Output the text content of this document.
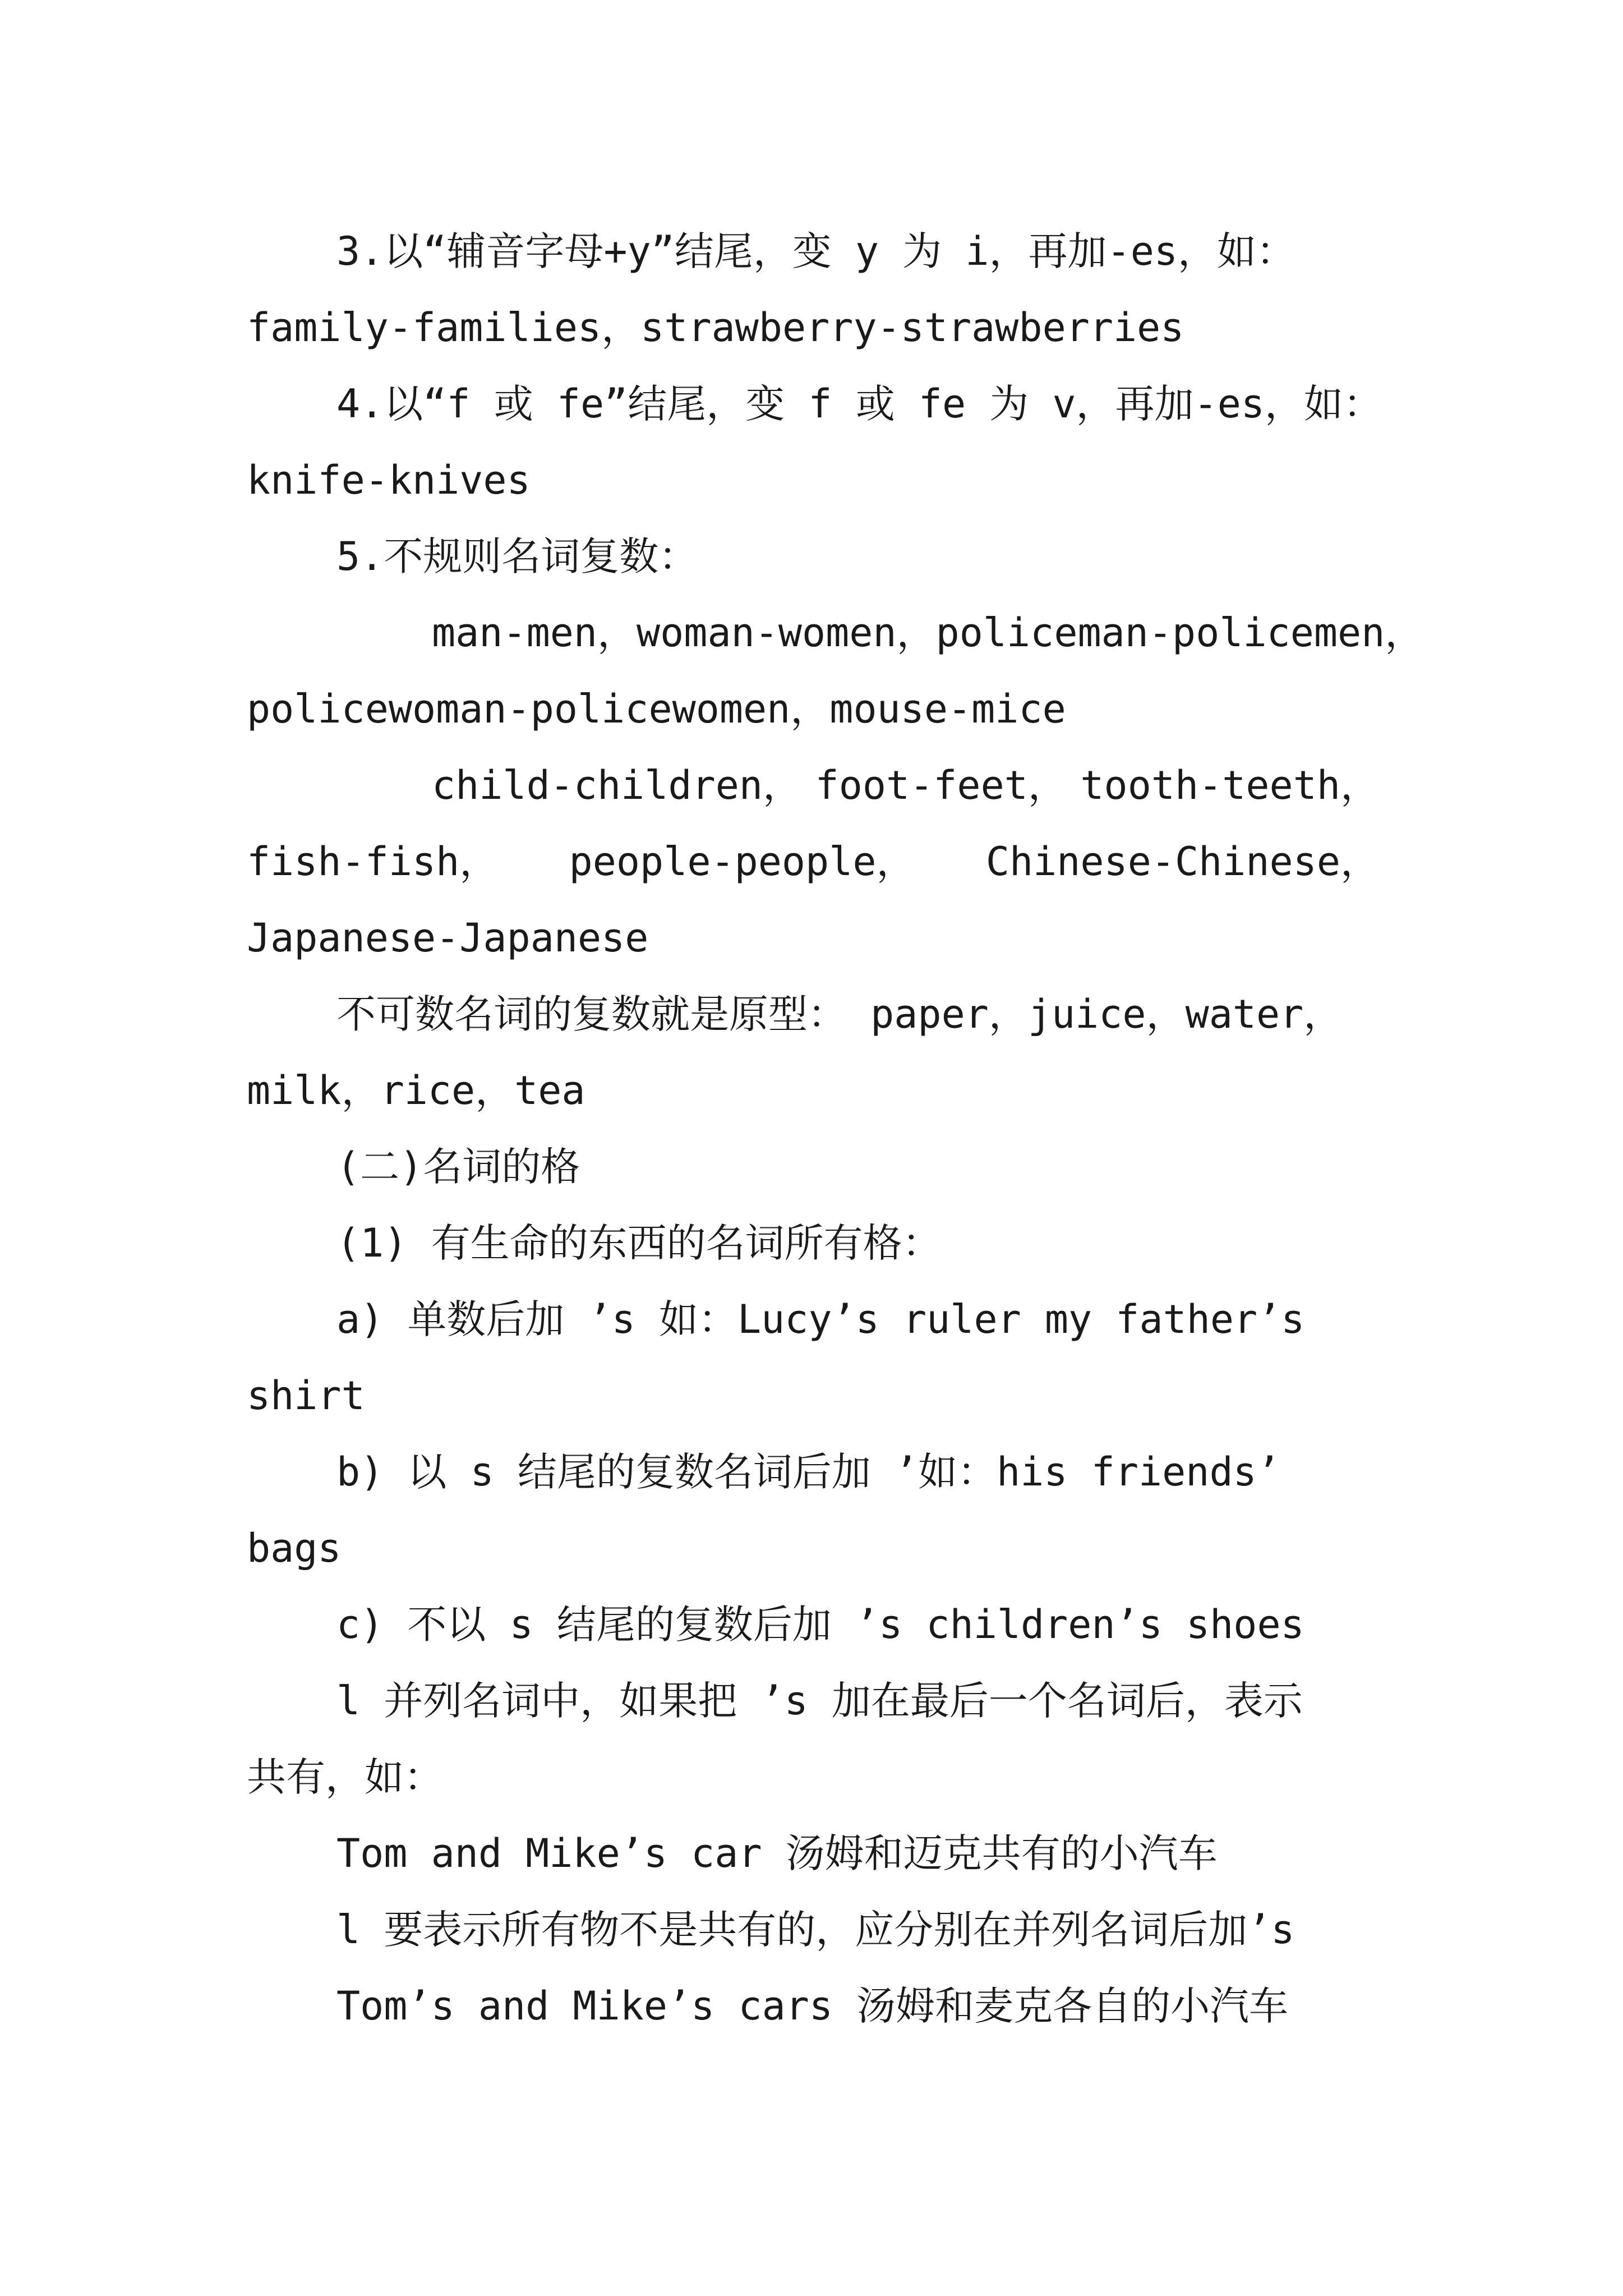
3.以“辅音字母+y”结尾，变 y 为 i，再加-es，如：
family-families，strawberry-strawberries
4.以“f 或 fe”结尾，变 f 或 fe 为 v，再加-es，如：
knife-knives
5.不规则名词复数：
man-men， woman-women， policeman-policemen，
policewoman-policewomen，mouse-mice
child-children， foot-feet， tooth-teeth，
fish-fish， people-people， Chinese-Chinese，
Japanese-Japanese
不可数名词的复数就是原型： paper，juice，water，
milk，rice，tea
(二)名词的格
(1) 有生命的东西的名词所有格：
a) 单数后加 ’s 如：Lucy’s ruler my father’s
shirt
b) 以 s 结尾的复数名词后加 ’如：his friends’
bags
c) 不以 s 结尾的复数后加 ’s children’s shoes
l 并列名词中，如果把 ’s 加在最后一个名词后，表示
共有，如：
Tom and Mike’s car 汤姆和迈克共有的小汽车
l 要表示所有物不是共有的，应分别在并列名词后加’s
Tom’s and Mike’s cars 汤姆和麦克各自的小汽车
